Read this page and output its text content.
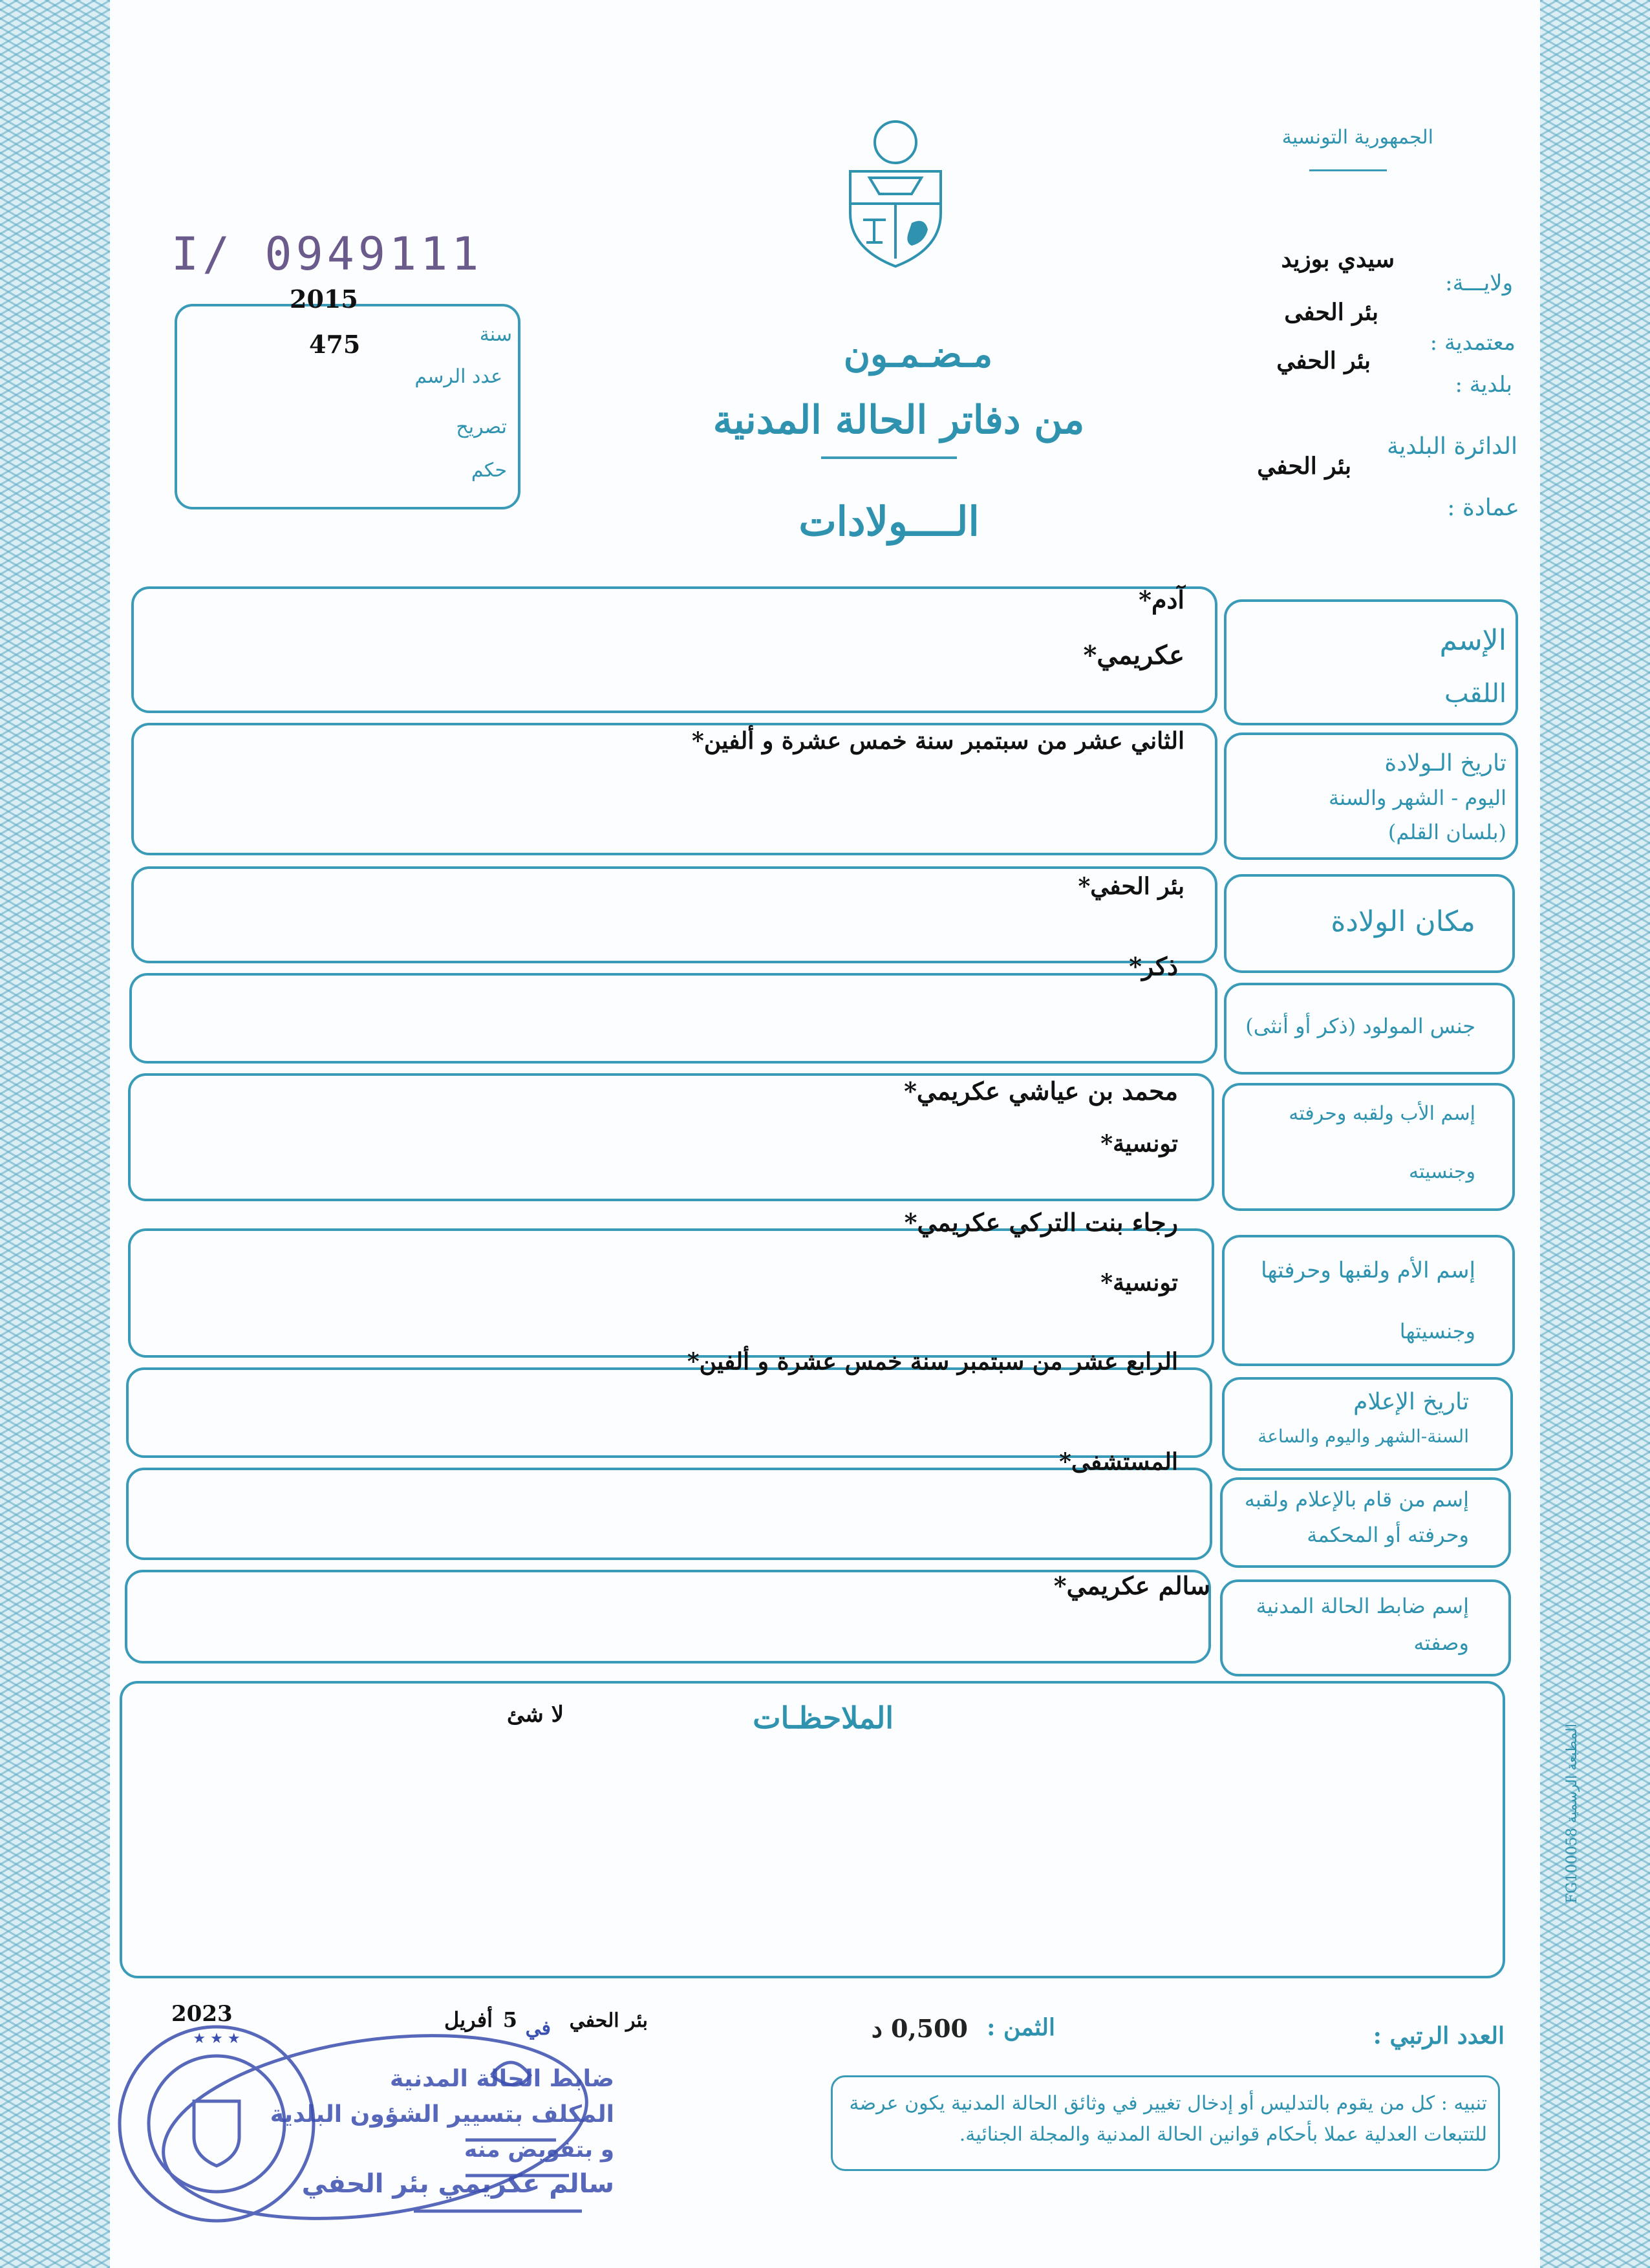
الجمهورية التونسية
I/ 0949111
سنة
عدد الرسم
تصريح
حكم
2015
475
ولايـــة:
معتمدية :
بلدية :
الدائرة البلدية
عمادة :
سيدي بوزيد
بئر الحفى
بئر الحفي
بئر الحفي
مـضـمـون
من دفاتر الحالة المدنية
الــــولادات
الإسم
اللقب
آدم*
عكريمي*
تاريخ الـولادة
اليوم - الشهر والسنة
(بلسان القلم)
الثاني عشر من سبتمبر سنة خمس عشرة و ألفين*
مكان الولادة
بئر الحفي*
جنس المولود (ذكر أو أنثى)
ذكر*
إسم الأب ولقبه وحرفته
وجنسيته
محمد بن عياشي عكريمي*
تونسية*
إسم الأم ولقبها وحرفتها
وجنسيتها
رجاء بنت التركي عكريمي*
تونسية*
تاريخ الإعلام
السنة-الشهر واليوم والساعة
الرابع عشر من سبتمبر سنة خمس عشرة و ألفين*
إسم من قام بالإعلام ولقبه
وحرفته أو المحكمة
المستشفى*
إسم ضابط الحالة المدنية
وصفته
سالم عكريمي*
الملاحظـات
لا شئ
المطبعة الرسمية FG100058
العدد الرتبي :
الثمن :
0,500 د
بئر الحفي
في
5
أفريل
2023
تنبيه : كل من يقوم بالتدليس أو إدخال تغيير في وثائق الحالة المدنية يكون عرضة للتتبعات العدلية عملا بأحكام قوانين الحالة المدنية والمجلة الجنائية.
★ ★ ★
ضابط الحالة المدنية
المكلف بتسيير الشؤون البلدية
و بتفويض منه
سالم عكريمي بئر الحفي
